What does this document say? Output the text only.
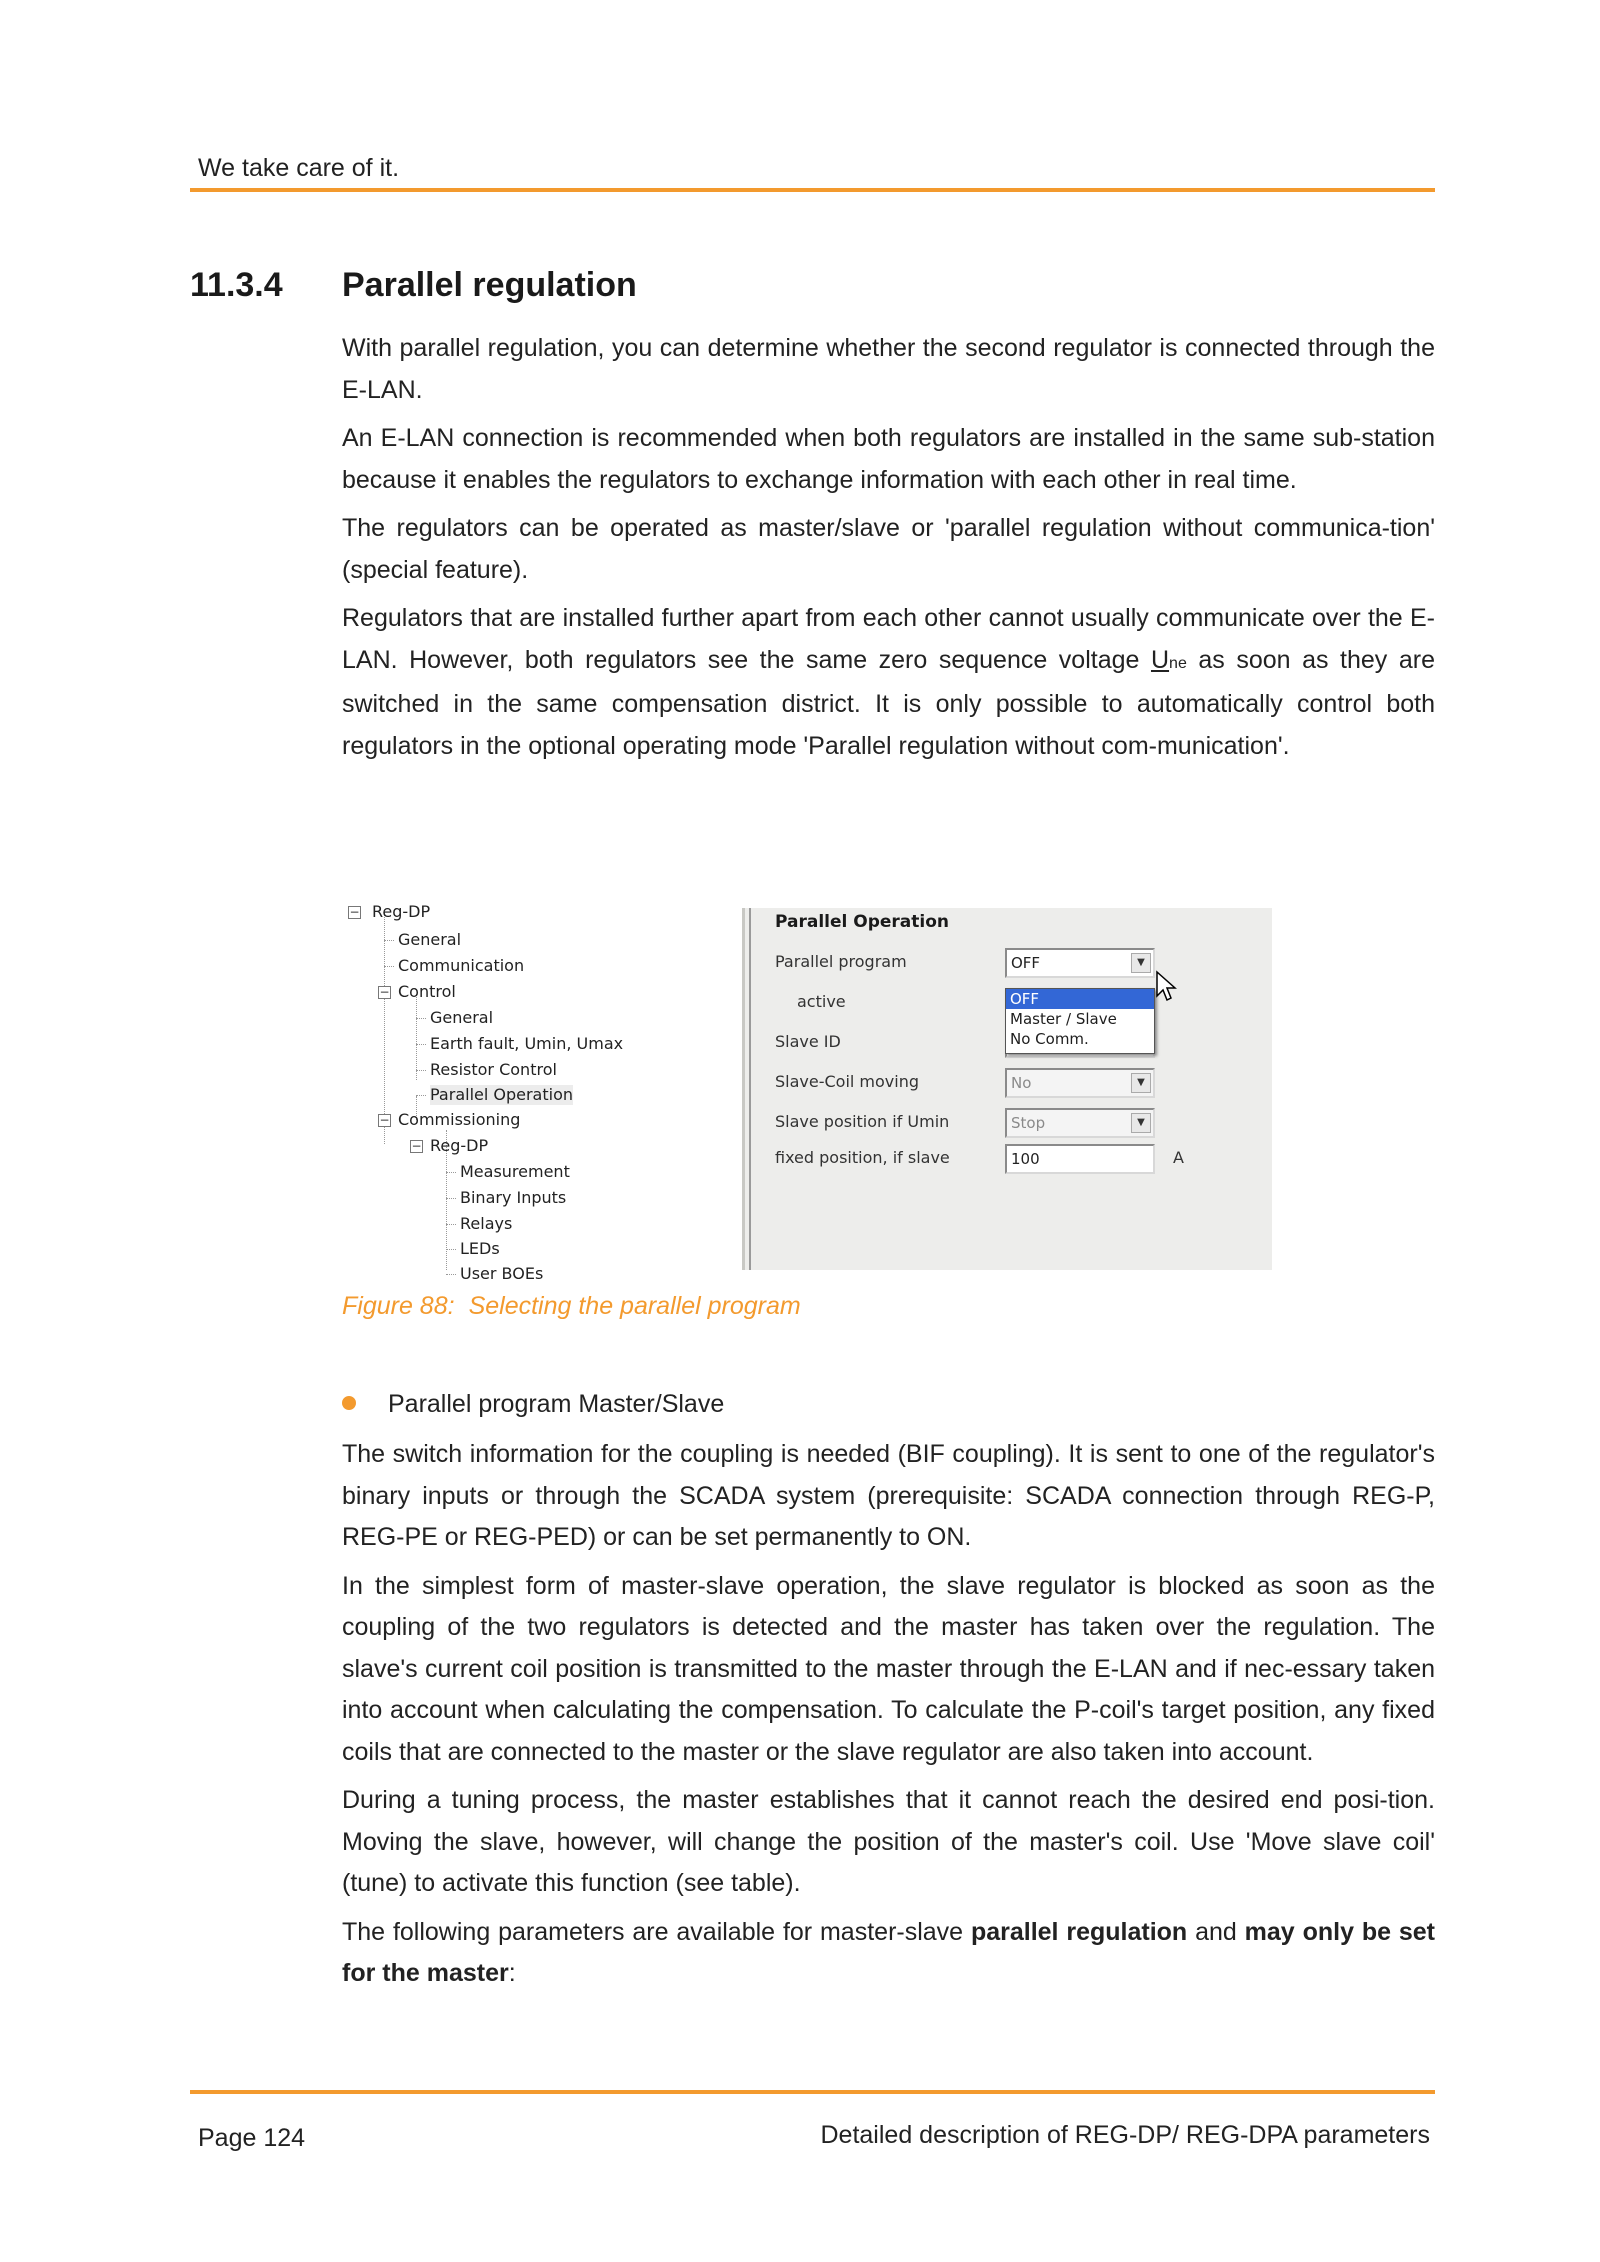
We take care of it.
11.3.4 Parallel regulation

With parallel regulation, you can determine whether the second regulator is connected through the E-LAN.

An E-LAN connection is recommended when both regulators are installed in the same sub-station because it enables the regulators to exchange information with each other in real time.

The regulators can be operated as master/slave or 'parallel regulation without communica-tion' (special feature).

Regulators that are installed further apart from each other cannot usually communicate over the E-LAN. However, both regulators see the same zero sequence voltage Une as soon as they are switched in the same compensation district. It is only possible to automatically control both regulators in the optional operating mode 'Parallel regulation without com-munication'.

− Reg-DP
General
Communication
− Control
General
Earth fault, Umin, Umax
Resistor Control
Parallel Operation
− Commissioning
− Reg-DP
Measurement
Binary Inputs
Relays
LEDs
User BOEs
Parallel Operation
Parallel program	OFF	▼
active
Slave ID
Slave-Coil moving	No	▼
Slave position if Umin	Stop	▼
fixed position, if slave	100	A
OFF
Master / Slave
No Comm.
Figure 88: Selecting the parallel program
Parallel program Master/Slave

The switch information for the coupling is needed (BIF coupling). It is sent to one of the regulator's binary inputs or through the SCADA system (prerequisite: SCADA connection through REG-P, REG-PE or REG-PED) or can be set permanently to ON.

In the simplest form of master-slave operation, the slave regulator is blocked as soon as the coupling of the two regulators is detected and the master has taken over the regulation. The slave's current coil position is transmitted to the master through the E-LAN and if nec-essary taken into account when calculating the compensation. To calculate the P-coil's target position, any fixed coils that are connected to the master or the slave regulator are also taken into account.

During a tuning process, the master establishes that it cannot reach the desired end posi-tion. Moving the slave, however, will change the position of the master's coil. Use 'Move slave coil' (tune) to activate this function (see table).

The following parameters are available for master-slave parallel regulation and may only be set for the master:

Page 124	Detailed description of REG-DP/ REG-DPA parameters
